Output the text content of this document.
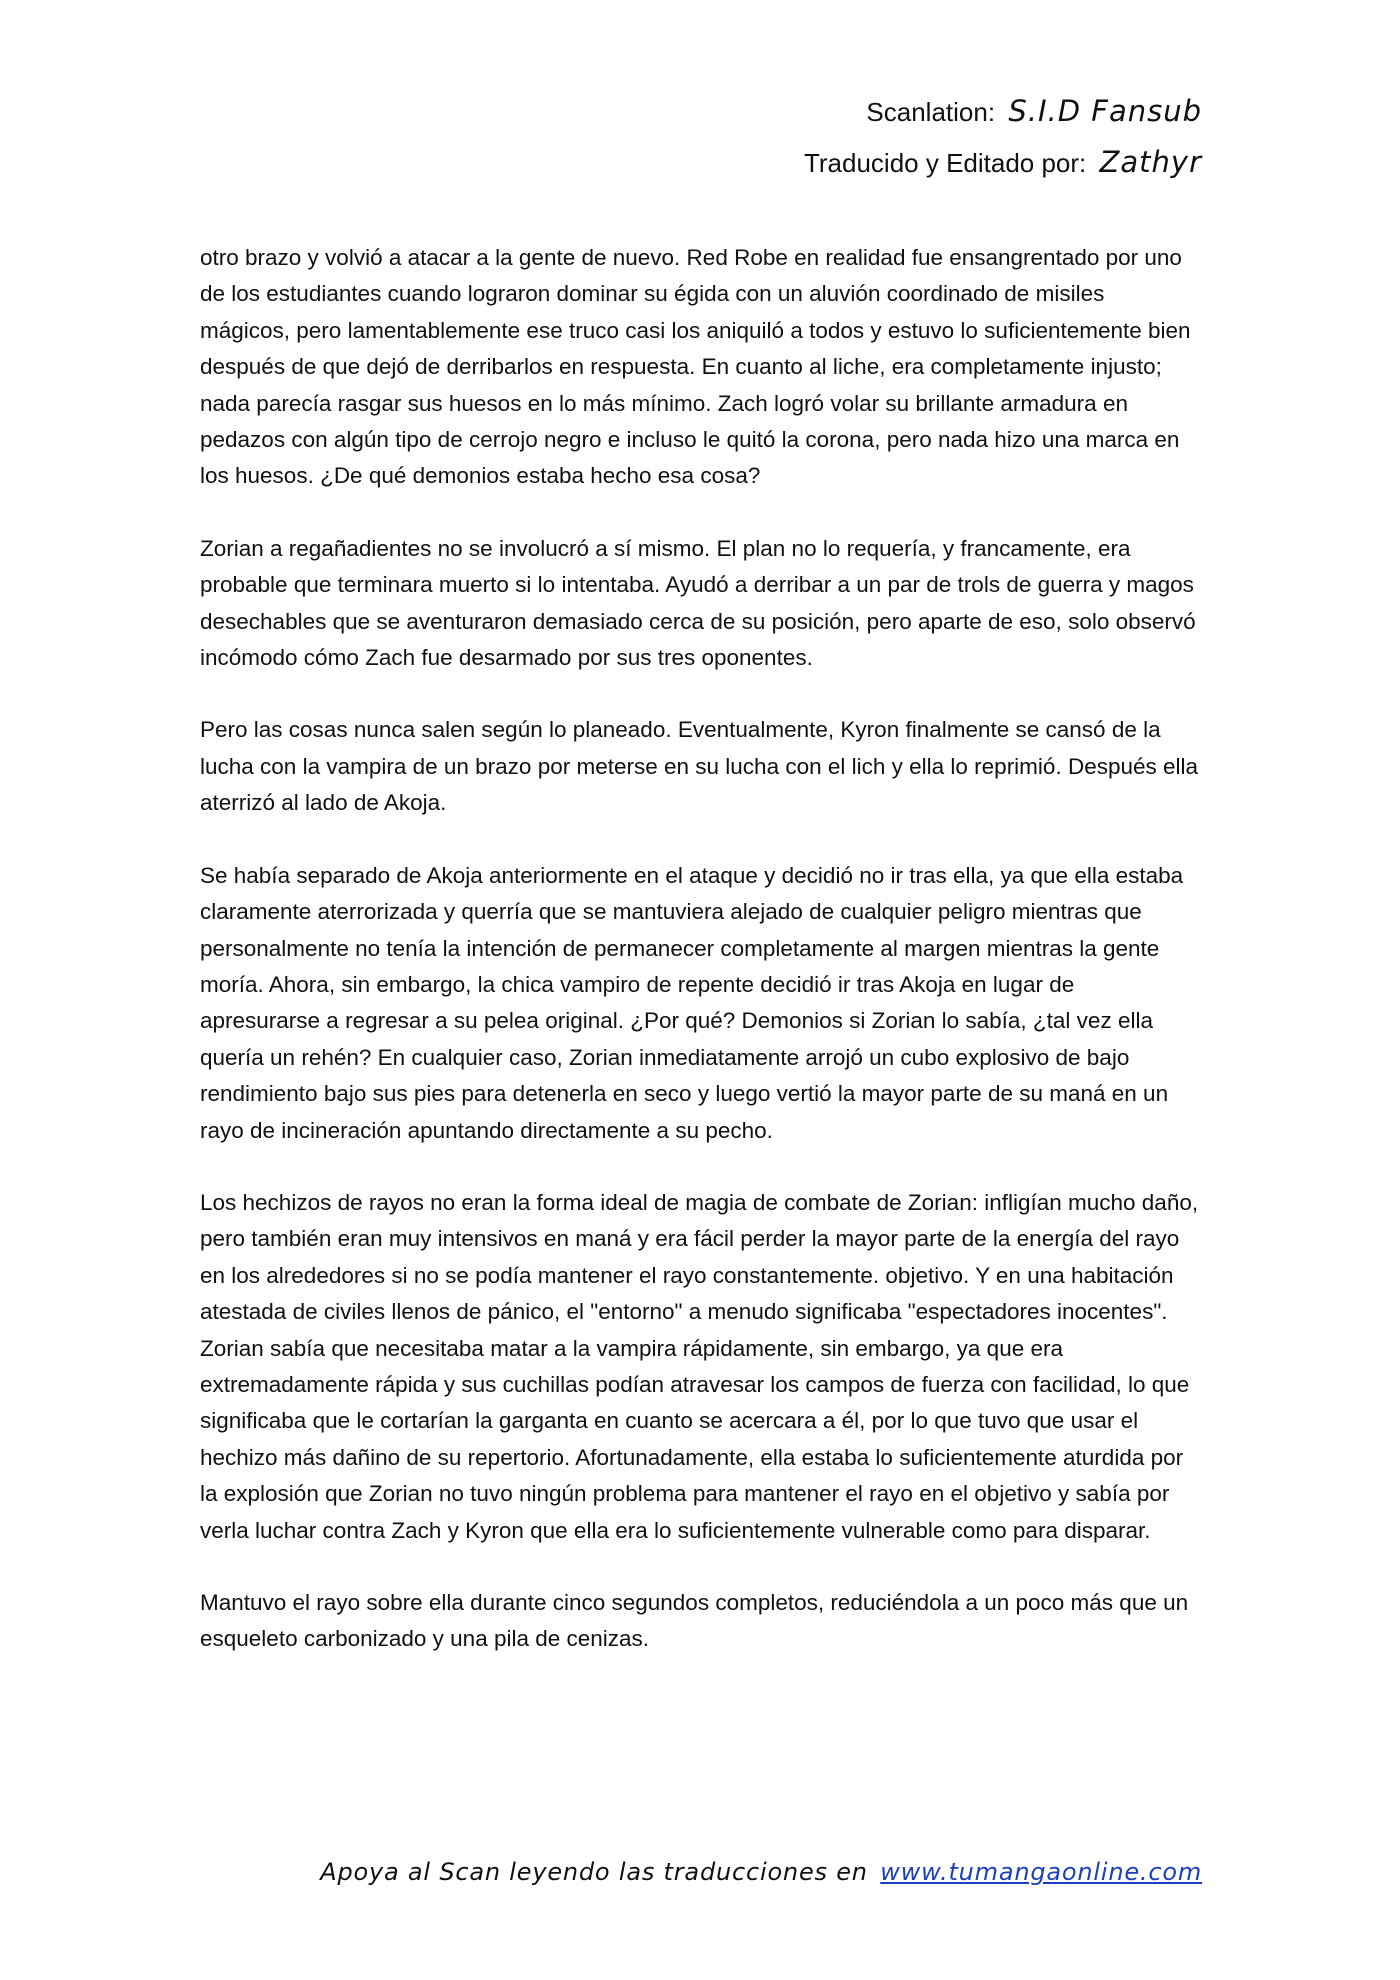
Scanlation: S.I.D Fansub
Traducido y Editado por: Zathyr

otro brazo y volvió a atacar a la gente de nuevo. Red Robe en realidad fue ensangrentado por uno de los estudiantes cuando lograron dominar su égida con un aluvión coordinado de misiles mágicos, pero lamentablemente ese truco casi los aniquiló a todos y estuvo lo suficientemente bien después de que dejó de derribarlos en respuesta. En cuanto al liche, era completamente injusto; nada parecía rasgar sus huesos en lo más mínimo. Zach logró volar su brillante armadura en pedazos con algún tipo de cerrojo negro e incluso le quitó la corona, pero nada hizo una marca en los huesos. ¿De qué demonios estaba hecho esa cosa?

Zorian a regañadientes no se involucró a sí mismo. El plan no lo requería, y francamente, era probable que terminara muerto si lo intentaba. Ayudó a derribar a un par de trols de guerra y magos desechables que se aventuraron demasiado cerca de su posición, pero aparte de eso, solo observó incómodo cómo Zach fue desarmado por sus tres oponentes.

Pero las cosas nunca salen según lo planeado. Eventualmente, Kyron finalmente se cansó de la lucha con la vampira de un brazo por meterse en su lucha con el lich y ella lo reprimió. Después ella aterrizó al lado de Akoja.

Se había separado de Akoja anteriormente en el ataque y decidió no ir tras ella, ya que ella estaba claramente aterrorizada y querría que se mantuviera alejado de cualquier peligro mientras que personalmente no tenía la intención de permanecer completamente al margen mientras la gente moría. Ahora, sin embargo, la chica vampiro de repente decidió ir tras Akoja en lugar de apresurarse a regresar a su pelea original. ¿Por qué? Demonios si Zorian lo sabía, ¿tal vez ella quería un rehén? En cualquier caso, Zorian inmediatamente arrojó un cubo explosivo de bajo rendimiento bajo sus pies para detenerla en seco y luego vertió la mayor parte de su maná en un rayo de incineración apuntando directamente a su pecho.

Los hechizos de rayos no eran la forma ideal de magia de combate de Zorian: infligían mucho daño, pero también eran muy intensivos en maná y era fácil perder la mayor parte de la energía del rayo en los alrededores si no se podía mantener el rayo constantemente. objetivo. Y en una habitación atestada de civiles llenos de pánico, el "entorno" a menudo significaba "espectadores inocentes". Zorian sabía que necesitaba matar a la vampira rápidamente, sin embargo, ya que era extremadamente rápida y sus cuchillas podían atravesar los campos de fuerza con facilidad, lo que significaba que le cortarían la garganta en cuanto se acercara a él, por lo que tuvo que usar el hechizo más dañino de su repertorio. Afortunadamente, ella estaba lo suficientemente aturdida por la explosión que Zorian no tuvo ningún problema para mantener el rayo en el objetivo y sabía por verla luchar contra Zach y Kyron que ella era lo suficientemente vulnerable como para disparar.

Mantuvo el rayo sobre ella durante cinco segundos completos, reduciéndola a un poco más que un esqueleto carbonizado y una pila de cenizas.

Apoya al Scan leyendo las traducciones en www.tumangaonline.com
